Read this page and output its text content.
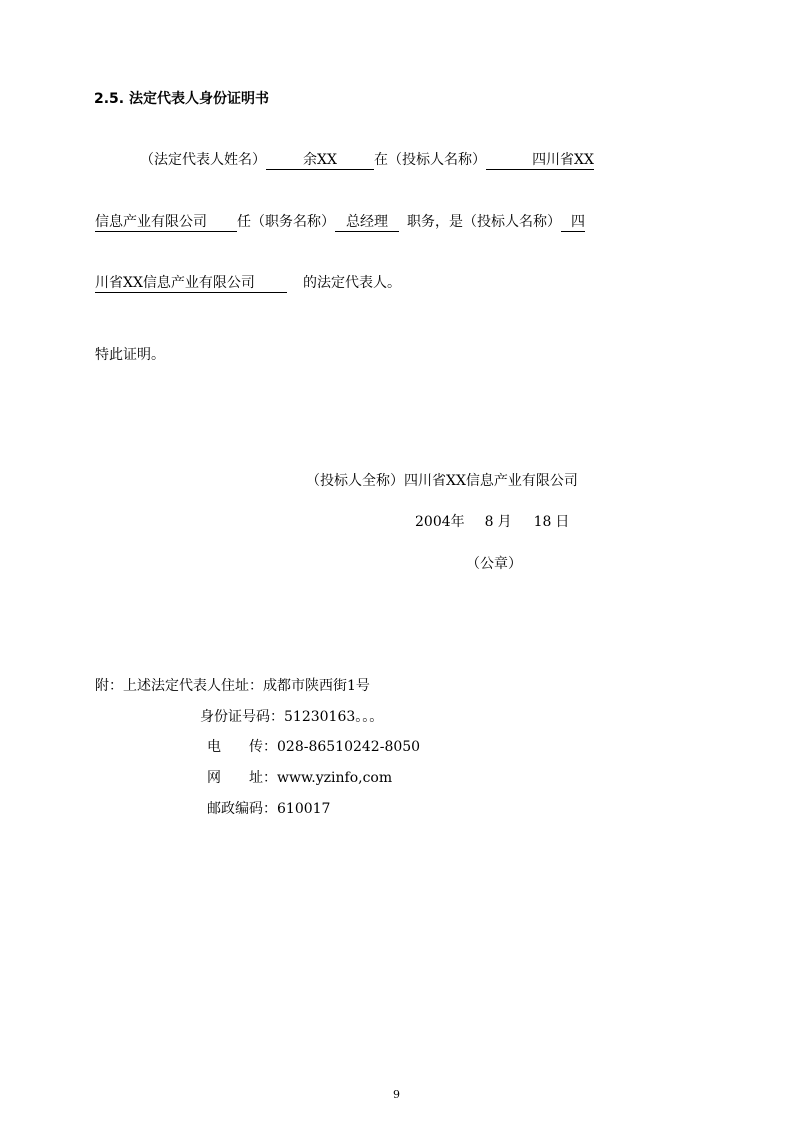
2.5. 法定代表人身份证明书
（法定代表人姓名）	余XX	在（投标人名称）	四川省XX
信息产业有限公司 任（职务名称） 总经理 职务，是（投标人名称） 四
川省XX信息产业有限公司	的法定代表人。
特此证明。
（投标人全称）四川省XX信息产业有限公司
2004年 8 月 18 日
（公章）
附：上述法定代表人住址：成都市陕西街1号
身份证号码：51230163。。。
电 传：028-86510242-8050
网 址：www.yzinfo,com
邮政编码：610017
9
